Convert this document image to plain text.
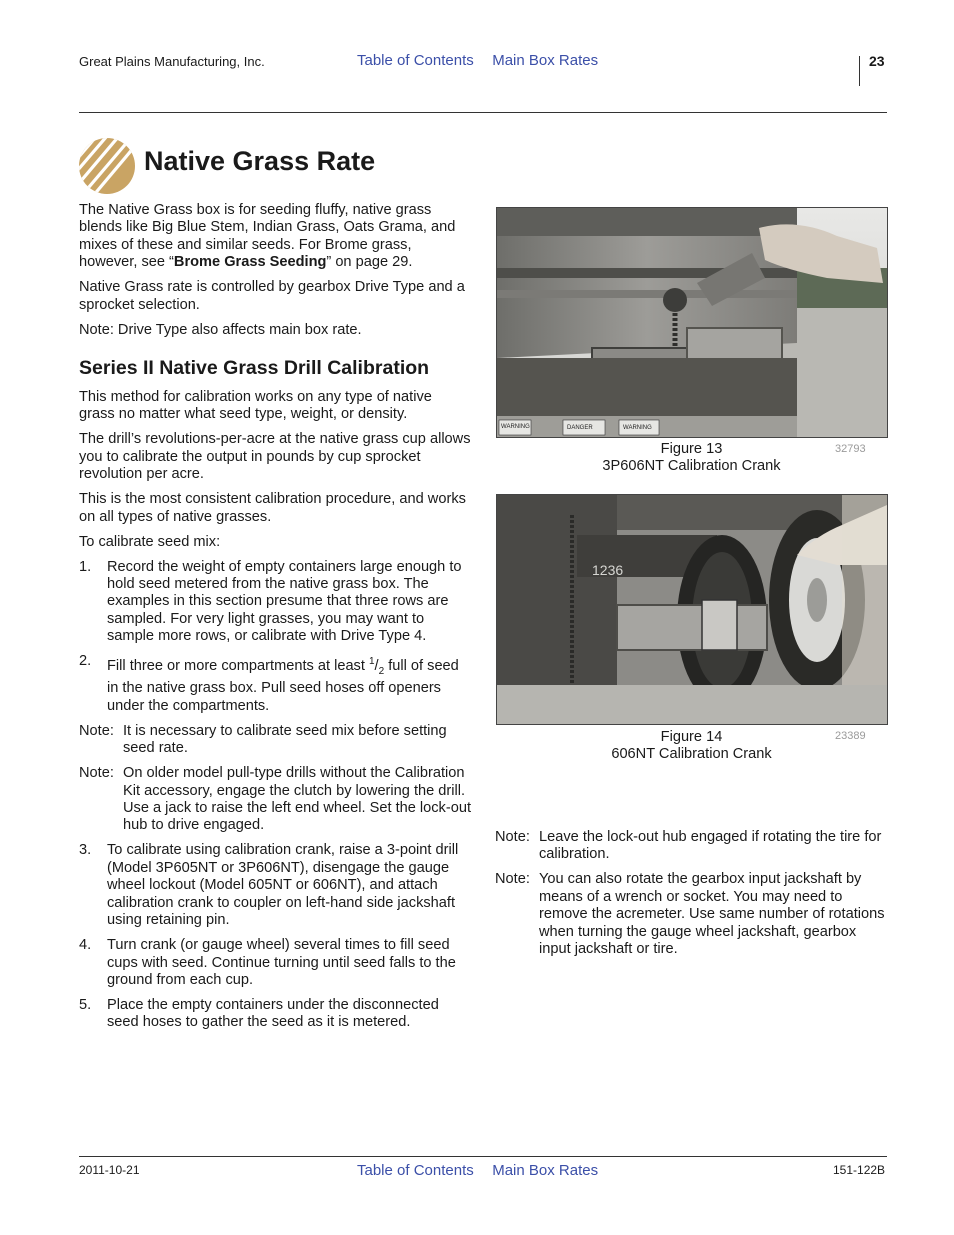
Great Plains Manufacturing, Inc.	Table of Contents Main Box Rates	23
Native Grass Rate

The Native Grass box is for seeding fluffy, native grass blends like Big Blue Stem, Indian Grass, Oats Grama, and mixes of these and similar seeds. For Brome grass, however, see “Brome Grass Seeding” on page 29.

Native Grass rate is controlled by gearbox Drive Type and a sprocket selection.

Note: Drive Type also affects main box rate.

Series II Native Grass Drill Calibration

This method for calibration works on any type of native grass no matter what seed type, weight, or density.

The drill’s revolutions-per-acre at the native grass cup allows you to calibrate the output in pounds by cup sprocket revolution per acre.

This is the most consistent calibration procedure, and works on all types of native grasses.

To calibrate seed mix:

1. Record the weight of empty containers large enough to hold seed metered from the native grass box. The examples in this section presume that three rows are sampled. For very light grasses, you may want to sample more rows, or calibrate with Drive Type 4.
2. Fill three or more compartments at least $^1/_2$ full of seed in the native grass box. Pull seed hoses off openers under the compartments.
Note: It is necessary to calibrate seed mix before setting seed rate.
Note: On older model pull-type drills without the Calibration Kit accessory, engage the clutch by lowering the drill. Use a jack to raise the left end wheel. Set the lock-out hub to drive engaged.
3. To calibrate using calibration crank, raise a 3-point drill (Model 3P605NT or 3P606NT), disengage the gauge wheel lockout (Model 605NT or 606NT), and attach calibration crank to coupler on left-hand side jackshaft using retaining pin.
4. Turn crank (or gauge wheel) several times to fill seed cups with seed. Continue turning until seed falls to the ground from each cup.
5. Place the empty containers under the disconnected seed hoses to gather the seed as it is metered.
WARNING	DANGER	WARNING
Figure 13
3P606NT Calibration Crank
32793
1236
Figure 14
606NT Calibration Crank
23389
Note: Leave the lock-out hub engaged if rotating the tire for calibration.
Note: You can also rotate the gearbox input jackshaft by means of a wrench or socket. You may need to remove the acremeter. Use same number of rotations when turning the gauge wheel jackshaft, gearbox input jackshaft or tire.
2011-10-21	Table of Contents Main Box Rates	151-122B
